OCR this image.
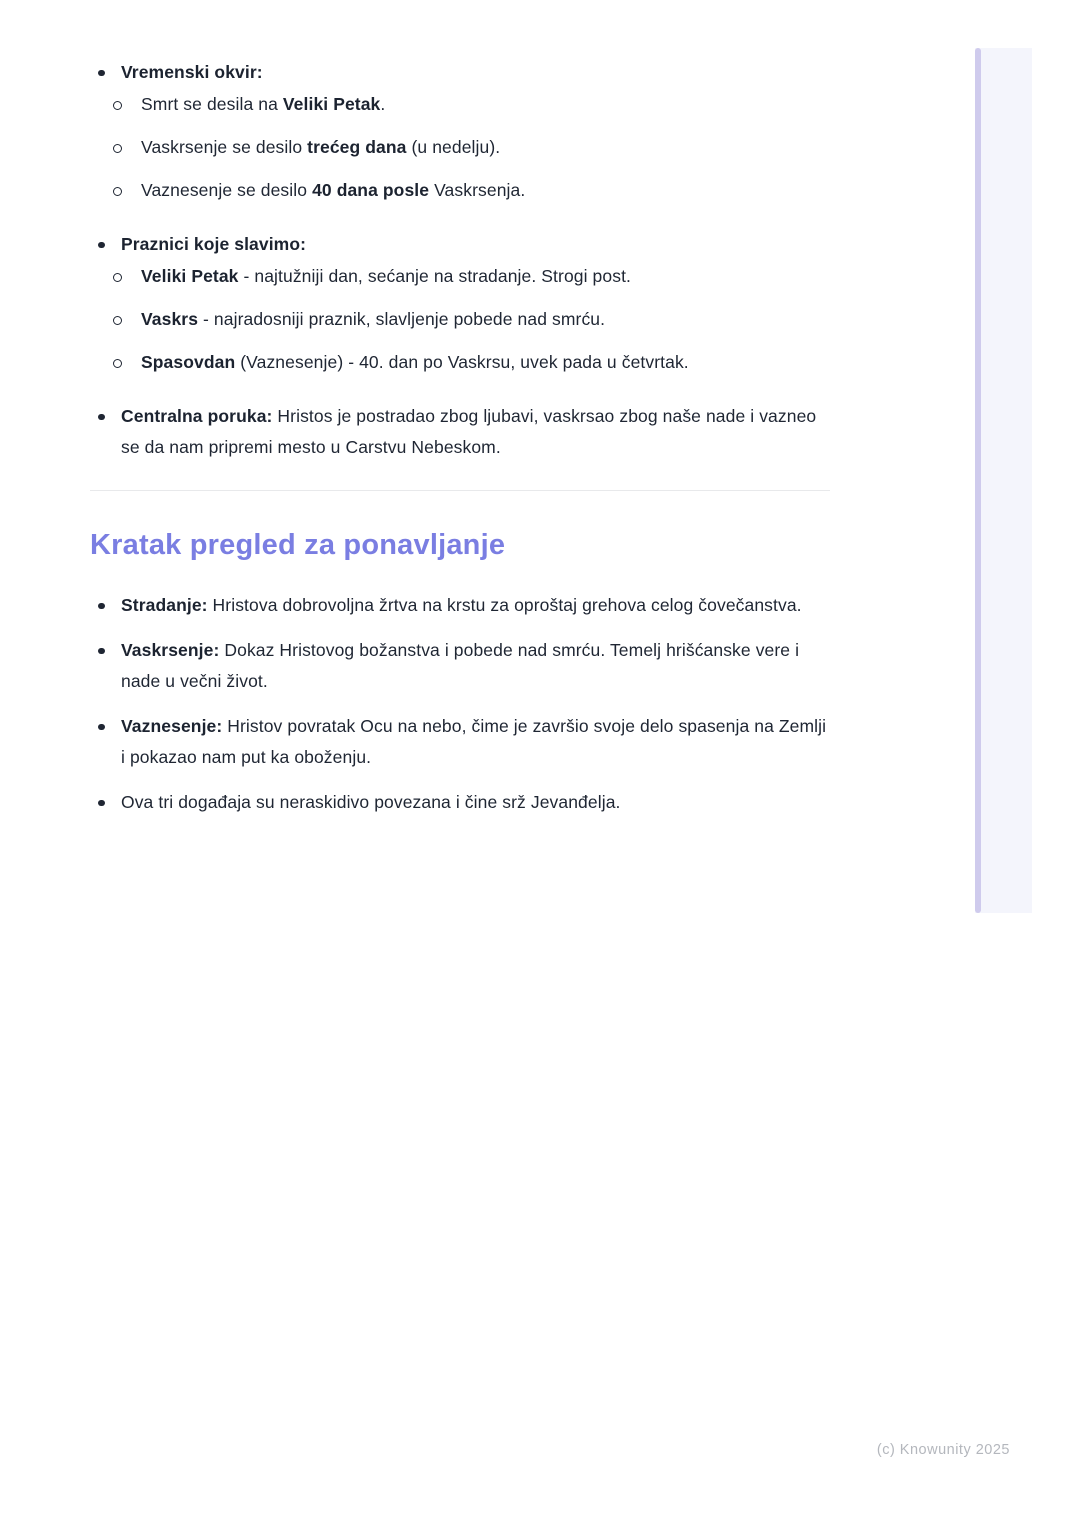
Vremenski okvir:

Smrt se desila na Veliki Petak.

Vaskrsenje se desilo trećeg dana (u nedelju).

Vaznesenje se desilo 40 dana posle Vaskrsenja.

Praznici koje slavimo:

Veliki Petak - najtužniji dan, sećanje na stradanje. Strogi post.

Vaskrs - najradosniji praznik, slavljenje pobede nad smrću.

Spasovdan (Vaznesenje) - 40. dan po Vaskrsu, uvek pada u četvrtak.

Centralna poruka: Hristos je postradao zbog ljubavi, vaskrsao zbog naše nade i vazneo se da nam pripremi mesto u Carstvu Nebeskom.

Kratak pregled za ponavljanje

Stradanje: Hristova dobrovoljna žrtva na krstu za oproštaj grehova celog čovečanstva.

Vaskrsenje: Dokaz Hristovog božanstva i pobede nad smrću. Temelj hrišćanske vere i nade u večni život.

Vaznesenje: Hristov povratak Ocu na nebo, čime je završio svoje delo spasenja na Zemlji i pokazao nam put ka oboženju.

Ova tri događaja su neraskidivo povezana i čine srž Jevanđelja.

(c) Knowunity 2025
